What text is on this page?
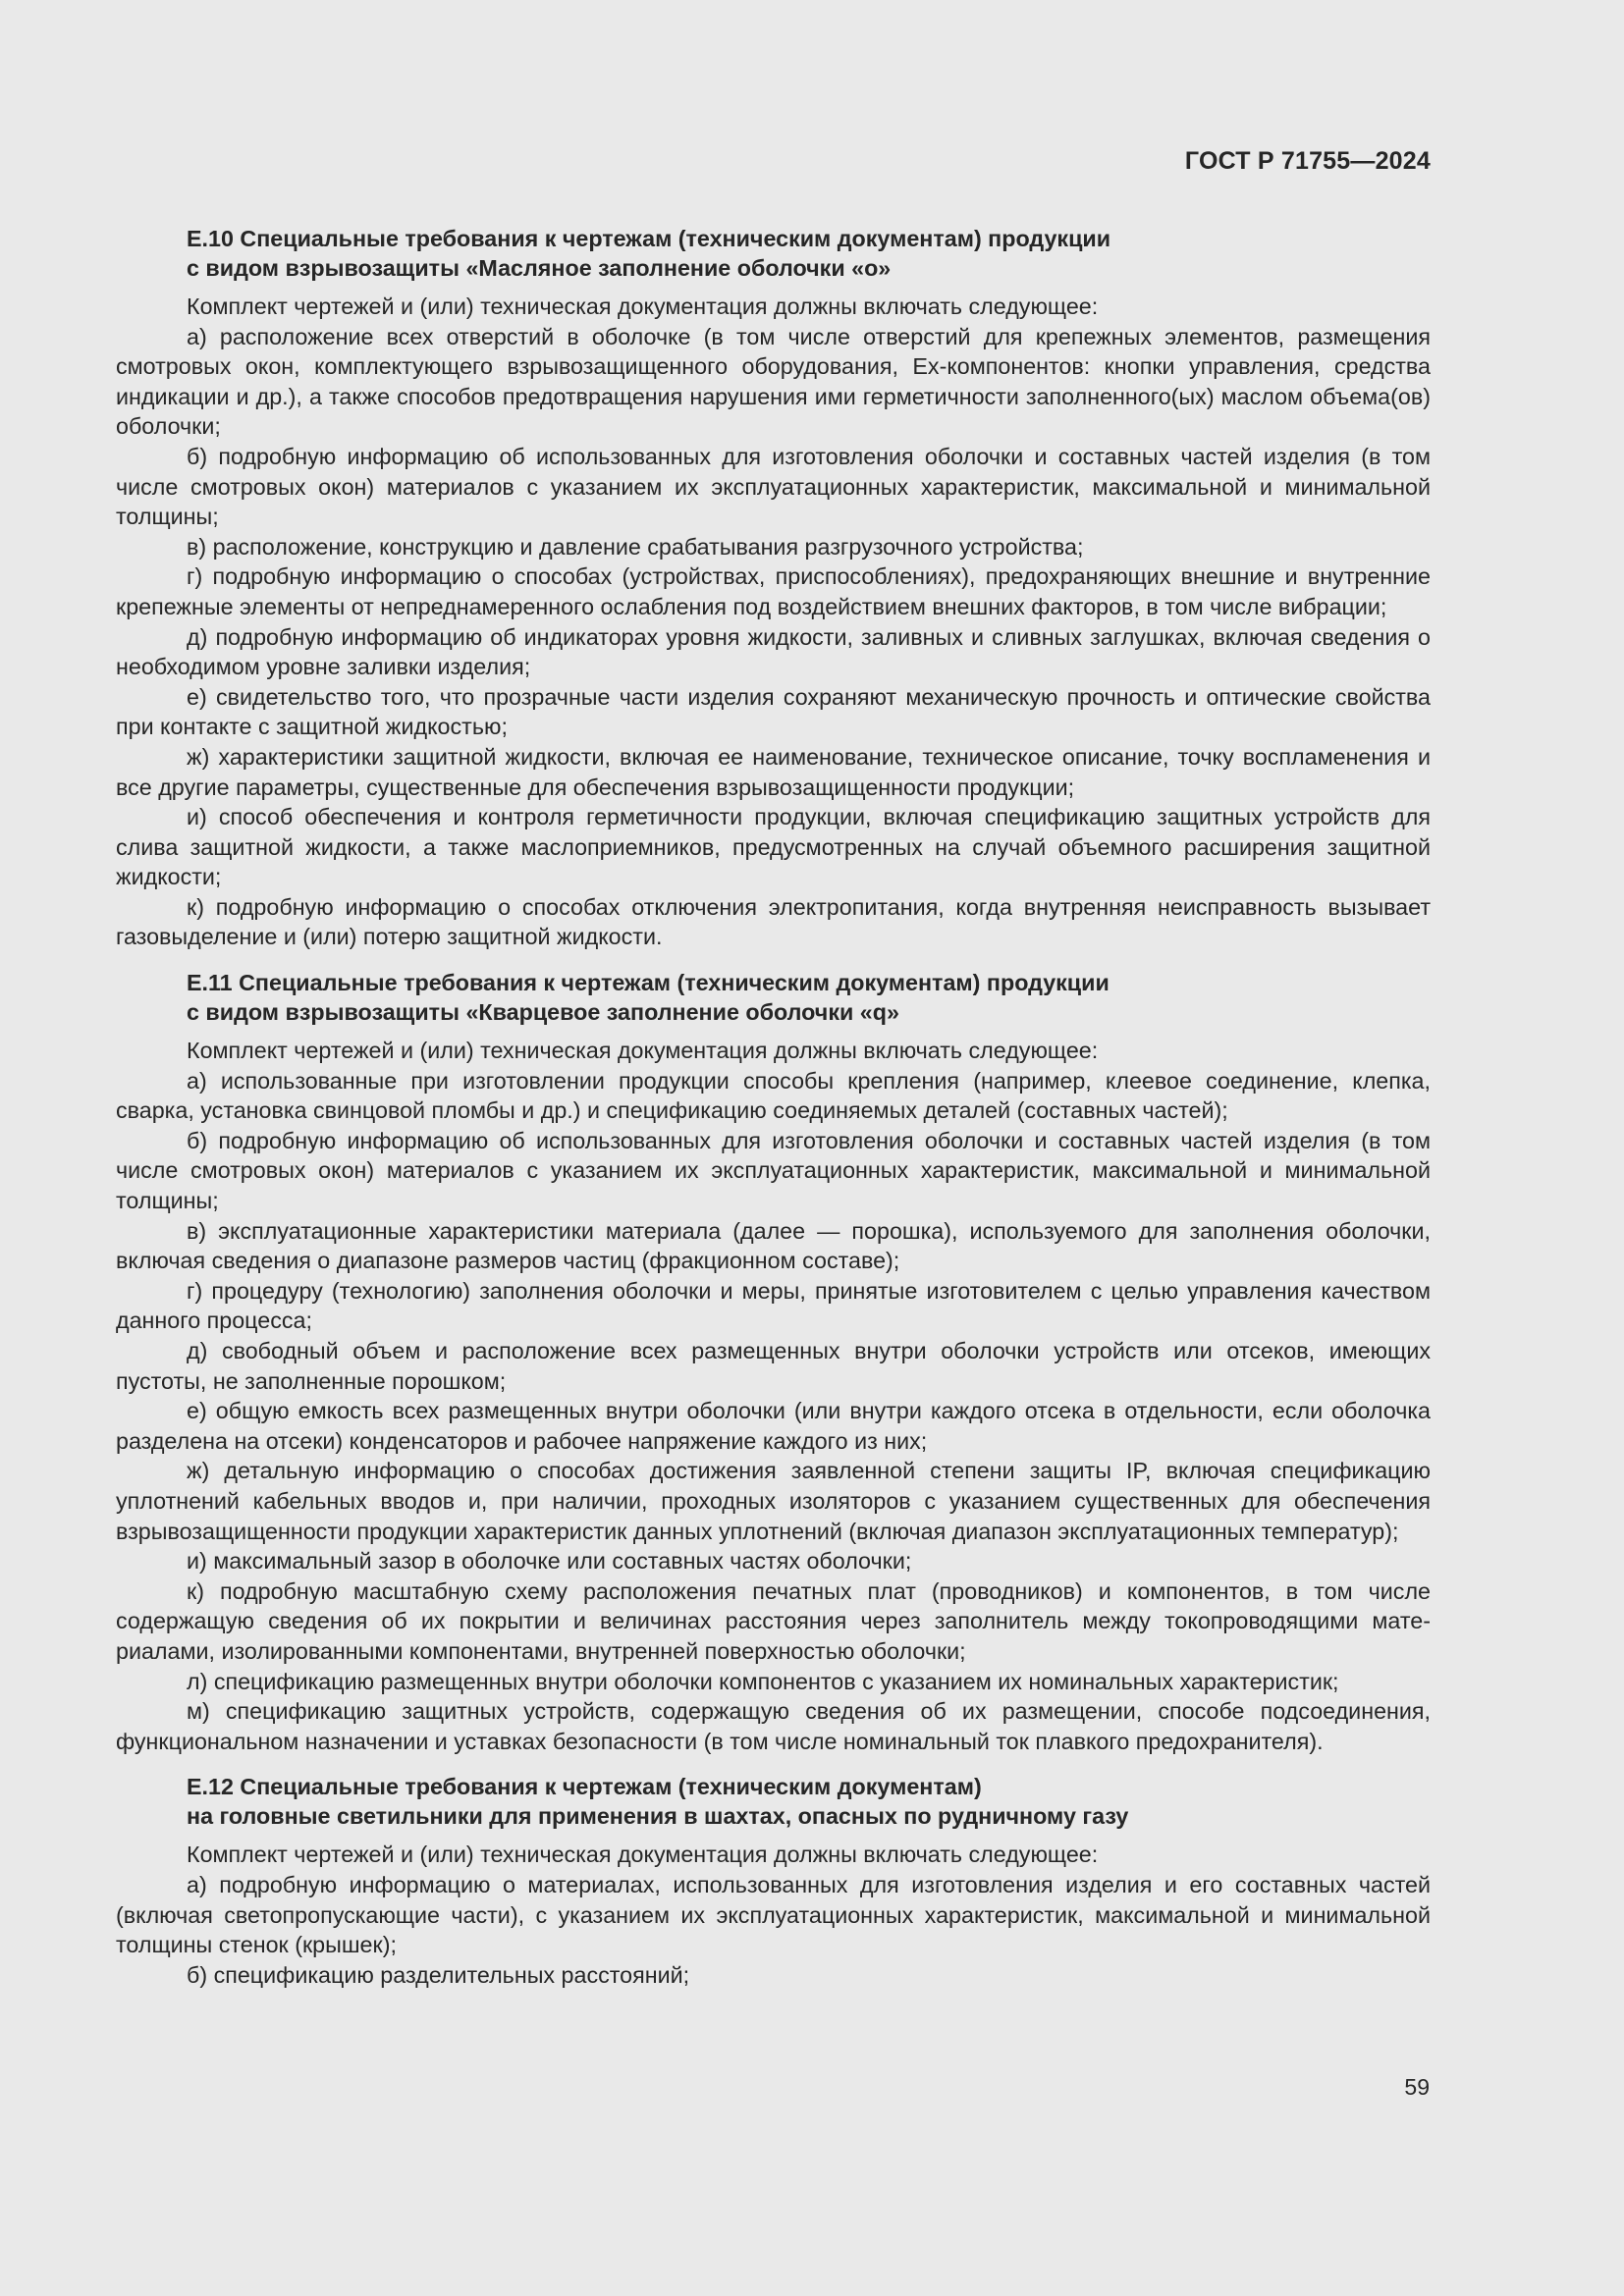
ГОСТ Р 71755—2024
Е.10 Специальные требования к чертежам (техническим документам) продукции
с видом взрывозащиты «Масляное заполнение оболочки «о»

Комплект чертежей и (или) техническая документация должны включать следующее:

а) расположение всех отверстий в оболочке (в том числе отверстий для крепежных элементов, размещения смотровых окон, комплектующего взрывозащищенного оборудования, Ех-компонентов: кнопки управления, средства индикации и др.), а также способов предотвращения нарушения ими герметичности заполненного(ых) маслом объема(ов) оболочки;

б) подробную информацию об использованных для изготовления оболочки и составных частей изделия (в том числе смотровых окон) материалов с указанием их эксплуатационных характеристик, максимальной и минимальной толщины;

в) расположение, конструкцию и давление срабатывания разгрузочного устройства;

г) подробную информацию о способах (устройствах, приспособлениях), предохраняющих внешние и внутренние крепежные элементы от непреднамеренного ослабления под воздействием внешних факторов, в том числе вибрации;

д) подробную информацию об индикаторах уровня жидкости, заливных и сливных заглушках, включая сведения о необходимом уровне заливки изделия;

е) свидетельство того, что прозрачные части изделия сохраняют механическую прочность и оптические свойства при контакте с защитной жидкостью;

ж) характеристики защитной жидкости, включая ее наименование, техническое описание, точку воспламенения и все другие параметры, существенные для обеспечения взрывозащищенности продукции;

и) способ обеспечения и контроля герметичности продукции, включая спецификацию защитных устройств для слива защитной жидкости, а также маслоприемников, предусмотренных на случай объемного расширения защитной жидкости;

к) подробную информацию о способах отключения электропитания, когда внутренняя неисправность вызывает газовыделение и (или) потерю защитной жидкости.

Е.11 Специальные требования к чертежам (техническим документам) продукции
с видом взрывозащиты «Кварцевое заполнение оболочки «q»

Комплект чертежей и (или) техническая документация должны включать следующее:

а) использованные при изготовлении продукции способы крепления (например, клеевое соединение, клепка, сварка, установка свинцовой пломбы и др.) и спецификацию соединяемых деталей (составных частей);

б) подробную информацию об использованных для изготовления оболочки и составных частей изделия (в том числе смотровых окон) материалов с указанием их эксплуатационных характеристик, максимальной и минимальной толщины;

в) эксплуатационные характеристики материала (далее — порошка), используемого для заполнения оболочки, включая сведения о диапазоне размеров частиц (фракционном составе);

г) процедуру (технологию) заполнения оболочки и меры, принятые изготовителем с целью управления качеством данного процесса;

д) свободный объем и расположение всех размещенных внутри оболочки устройств или отсеков, имеющих пустоты, не заполненные порошком;

е) общую емкость всех размещенных внутри оболочки (или внутри каждого отсека в отдельности, если оболочка разделена на отсеки) конденсаторов и рабочее напряжение каждого из них;

ж) детальную информацию о способах достижения заявленной степени защиты IP, включая спецификацию уплотнений кабельных вводов и, при наличии, проходных изоляторов с указанием существенных для обеспечения взрывозащищенности продукции характеристик данных уплотнений (включая диапазон эксплуатационных температур);

и) максимальный зазор в оболочке или составных частях оболочки;

к) подробную масштабную схему расположения печатных плат (проводников) и компонентов, в том числе содержащую сведения об их покрытии и величинах расстояния через заполнитель между токопроводящими материалами, изолированными компонентами, внутренней поверхностью оболочки;

л) спецификацию размещенных внутри оболочки компонентов с указанием их номинальных характеристик;

м) спецификацию защитных устройств, содержащую сведения об их размещении, способе подсоединения, функциональном назначении и уставках безопасности (в том числе номинальный ток плавкого предохранителя).

Е.12 Специальные требования к чертежам (техническим документам)
на головные светильники для применения в шахтах, опасных по рудничному газу

Комплект чертежей и (или) техническая документация должны включать следующее:

а) подробную информацию о материалах, использованных для изготовления изделия и его составных частей (включая светопропускающие части), с указанием их эксплуатационных характеристик, максимальной и минимальной толщины стенок (крышек);

б) спецификацию разделительных расстояний;

59
